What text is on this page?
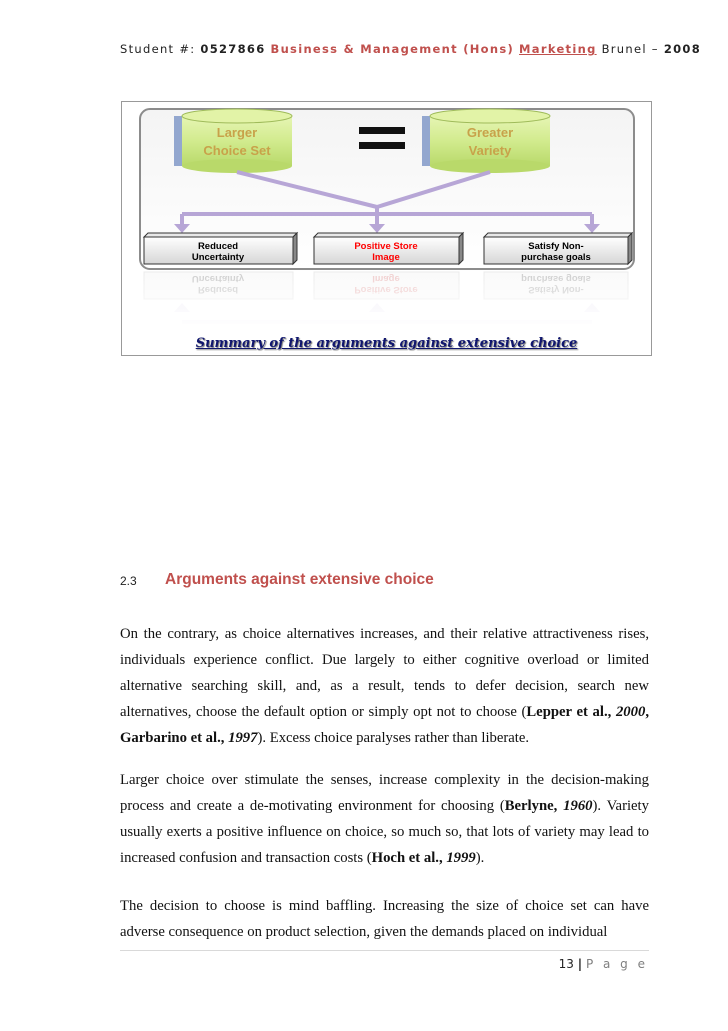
Student #: 0527866 Business & Management (Hons) Marketing Brunel – 2008
Larger
Choice Set
Greater
Variety
Reduced
Uncertainty
Positive Store
Image
Satisfy Non-
purchase goals
Summary of the arguments against extensive choice
2.3 Arguments against extensive choice
On the contrary, as choice alternatives increases, and their relative attractiveness rises, individuals experience conflict. Due largely to either cognitive overload or limited alternative searching skill, and, as a result, tends to defer decision, search new alternatives, choose the default option or simply opt not to choose (Lepper et al., 2000, Garbarino et al., 1997). Excess choice paralyses rather than liberate.
Larger choice over stimulate the senses, increase complexity in the decision-making process and create a de-motivating environment for choosing (Berlyne, 1960). Variety usually exerts a positive influence on choice, so much so, that lots of variety may lead to increased confusion and transaction costs (Hoch et al., 1999).
The decision to choose is mind baffling. Increasing the size of choice set can have adverse consequence on product selection, given the demands placed on individual
13 | P a g e
